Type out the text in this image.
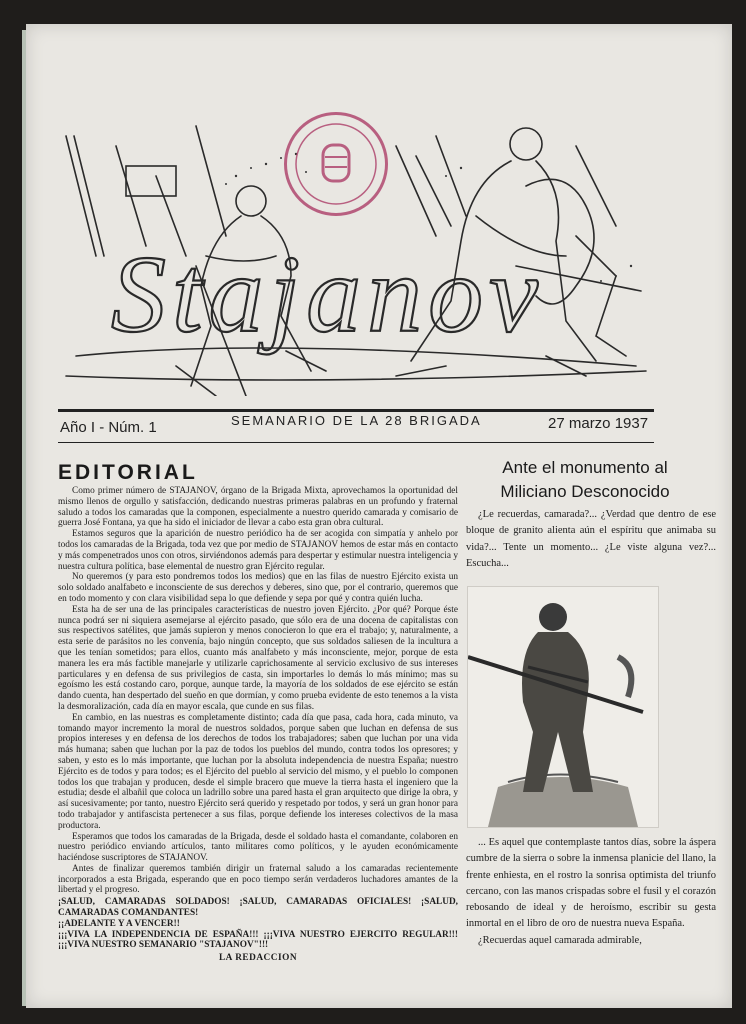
Stajanov
Año I - Núm. 1	SEMANARIO DE LA 28 BRIGADA	27 marzo 1937
EDITORIAL

Como primer número de STAJANOV, órgano de la Brigada Mixta, aprovechamos la oportunidad del mismo llenos de orgullo y satisfacción, dedicando nuestras primeras palabras en un profundo y fraternal saludo a todos los camaradas que la componen, especialmente a nuestro querido camarada y comisario de guerra José Fontana, ya que ha sido el iniciador de llevar a cabo esta gran obra cultural.

Estamos seguros que la aparición de nuestro periódico ha de ser acogida con simpatía y anhelo por todos los camaradas de la Brigada, toda vez que por medio de STAJANOV hemos de estar más en contacto y más compenetrados unos con otros, sirviéndonos además para despertar y estimular nuestra inteligencia y nuestra cultura política, base elemental de nuestro gran Ejército regular.

No queremos (y para esto pondremos todos los medios) que en las filas de nuestro Ejército exista un solo soldado analfabeto e inconsciente de sus derechos y deberes, sino que, por el contrario, queremos que en todo momento y con clara visibilidad sepa lo que defiende y sepa por qué y contra quién lucha.

Esta ha de ser una de las principales características de nuestro joven Ejército. ¿Por qué? Porque éste nunca podrá ser ni siquiera asemejarse al ejército pasado, que sólo era de una docena de capitalistas con sus respectivos satélites, que jamás supieron y menos conocieron lo que era el trabajo; y, naturalmente, a esta serie de parásitos no les convenía, bajo ningún concepto, que sus soldados saliesen de la incultura a que les tenían sometidos; para ellos, cuanto más analfabeto y más inconsciente, mejor, porque de esta manera les era más factible manejarle y utilizarle caprichosamente al servicio exclusivo de sus intereses particulares y en defensa de sus privilegios de casta, sin importarles lo demás lo más mínimo; mas su egoísmo les está costando caro, porque, aunque tarde, la mayoría de los soldados de ese ejército se están dando cuenta, han despertado del sueño en que dormían, y como prueba evidente de esto tenemos a la vista la desmoralización, cada día en mayor escala, que cunde en sus filas.

En cambio, en las nuestras es completamente distinto; cada día que pasa, cada hora, cada minuto, va tomando mayor incremento la moral de nuestros soldados, porque saben que luchan en defensa de sus propios intereses y en defensa de los derechos de todos los trabajadores; saben que luchan por una vida más humana; saben que luchan por la paz de todos los pueblos del mundo, contra todos los opresores; y saben, y esto es lo más importante, que luchan por la absoluta independencia de nuestra España; nuestro Ejército es de todos y para todos; es el Ejército del pueblo al servicio del mismo, y el pueblo lo componen todos los que trabajan y producen, desde el simple bracero que mueve la tierra hasta el ingeniero que la estudia; desde el albañil que coloca un ladrillo sobre una pared hasta el gran arquitecto que dirige la obra, y así sucesivamente; por tanto, nuestro Ejército será querido y respetado por todos, y será un gran honor para todo trabajador y antifascista pertenecer a sus filas, porque defiende los intereses colectivos de la masa productora.

Esperamos que todos los camaradas de la Brigada, desde el soldado hasta el comandante, colaboren en nuestro periódico enviando artículos, tanto militares como políticos, y le ayuden económicamente haciéndose suscriptores de STAJANOV.

Antes de finalizar queremos también dirigir un fraternal saludo a los camaradas recientemente incorporados a esta Brigada, esperando que en poco tiempo serán verdaderos luchadores amantes de la libertad y el progreso.

¡SALUD, CAMARADAS SOLDADOS! ¡SALUD, CAMARADAS OFICIALES! ¡SALUD, CAMARADAS COMANDANTES!
¡¡ADELANTE Y A VENCER!!
¡¡¡VIVA LA INDEPENDENCIA DE ESPAÑA!!! ¡¡¡VIVA NUESTRO EJERCITO REGULAR!!! ¡¡¡VIVA NUESTRO SEMANARIO "STAJANOV"!!!
LA REDACCION
Ante el monumento al
Miliciano Desconocido

¿Le recuerdas, camarada?... ¿Verdad que dentro de ese bloque de granito alienta aún el espíritu que animaba su vida?... Tente un momento... ¿Le viste alguna vez?... Escucha...

... Es aquel que contemplaste tantos días, sobre la áspera cumbre de la sierra o sobre la inmensa planicie del llano, la frente enhiesta, en el rostro la sonrisa optimista del triunfo cercano, con las manos crispadas sobre el fusil y el corazón rebosando de ideal y de heroísmo, escribir su gesta inmortal en el libro de oro de nuestra nueva España.

¿Recuerdas aquel camarada admirable,
